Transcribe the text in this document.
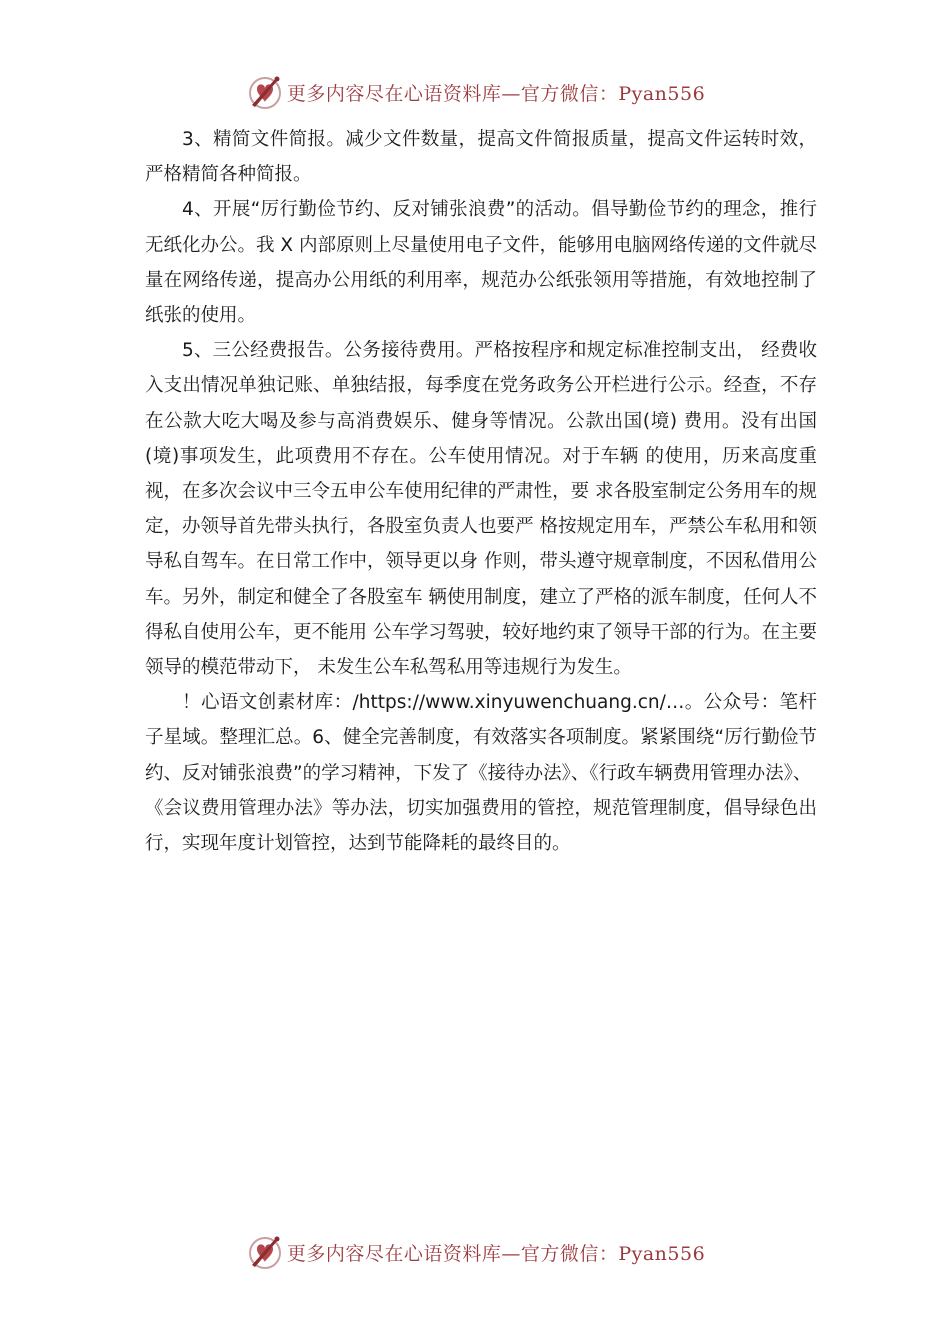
更多内容尽在心语资料库—官方微信：Pyan556

3、精简文件简报。减少文件数量，提高文件简报质量，提高文件运转时效，严格精简各种简报。

4、开展“厉行勤俭节约、反对铺张浪费”的活动。倡导勤俭节约的理念，推行无纸化办公。我 X 内部原则上尽量使用电子文件，能够用电脑网络传递的文件就尽量在网络传递，提高办公用纸的利用率，规范办公纸张领用等措施，有效地控制了纸张的使用。

5、三公经费报告。公务接待费用。严格按程序和规定标准控制支出， 经费收入支出情况单独记账、单独结报，每季度在党务政务公开栏进行公示。经查，不存在公款大吃大喝及参与高消费娱乐、健身等情况。公款出国(境) 费用。没有出国(境)事项发生，此项费用不存在。公车使用情况。对于车辆 的使用，历来高度重视，在多次会议中三令五申公车使用纪律的严肃性，要 求各股室制定公务用车的规定，办领导首先带头执行，各股室负责人也要严 格按规定用车，严禁公车私用和领导私自驾车。在日常工作中，领导更以身 作则，带头遵守规章制度，不因私借用公车。另外，制定和健全了各股室车 辆使用制度，建立了严格的派车制度，任何人不得私自使用公车，更不能用 公车学习驾驶，较好地约束了领导干部的行为。在主要领导的模范带动下， 未发生公车私驾私用等违规行为发生。

！心语文创素材库：/https://www.xinyuwenchuang.cn/…。公众号：笔杆子星域。整理汇总。6、健全完善制度，有效落实各项制度。紧紧围绕“厉行勤俭节约、反对铺张浪费”的学习精神，下发了《接待办法》、《行政车辆费用管理办法》、

《会议费用管理办法》等办法，切实加强费用的管控，规范管理制度，倡导绿色出行，实现年度计划管控，达到节能降耗的最终目的。

更多内容尽在心语资料库—官方微信：Pyan556
